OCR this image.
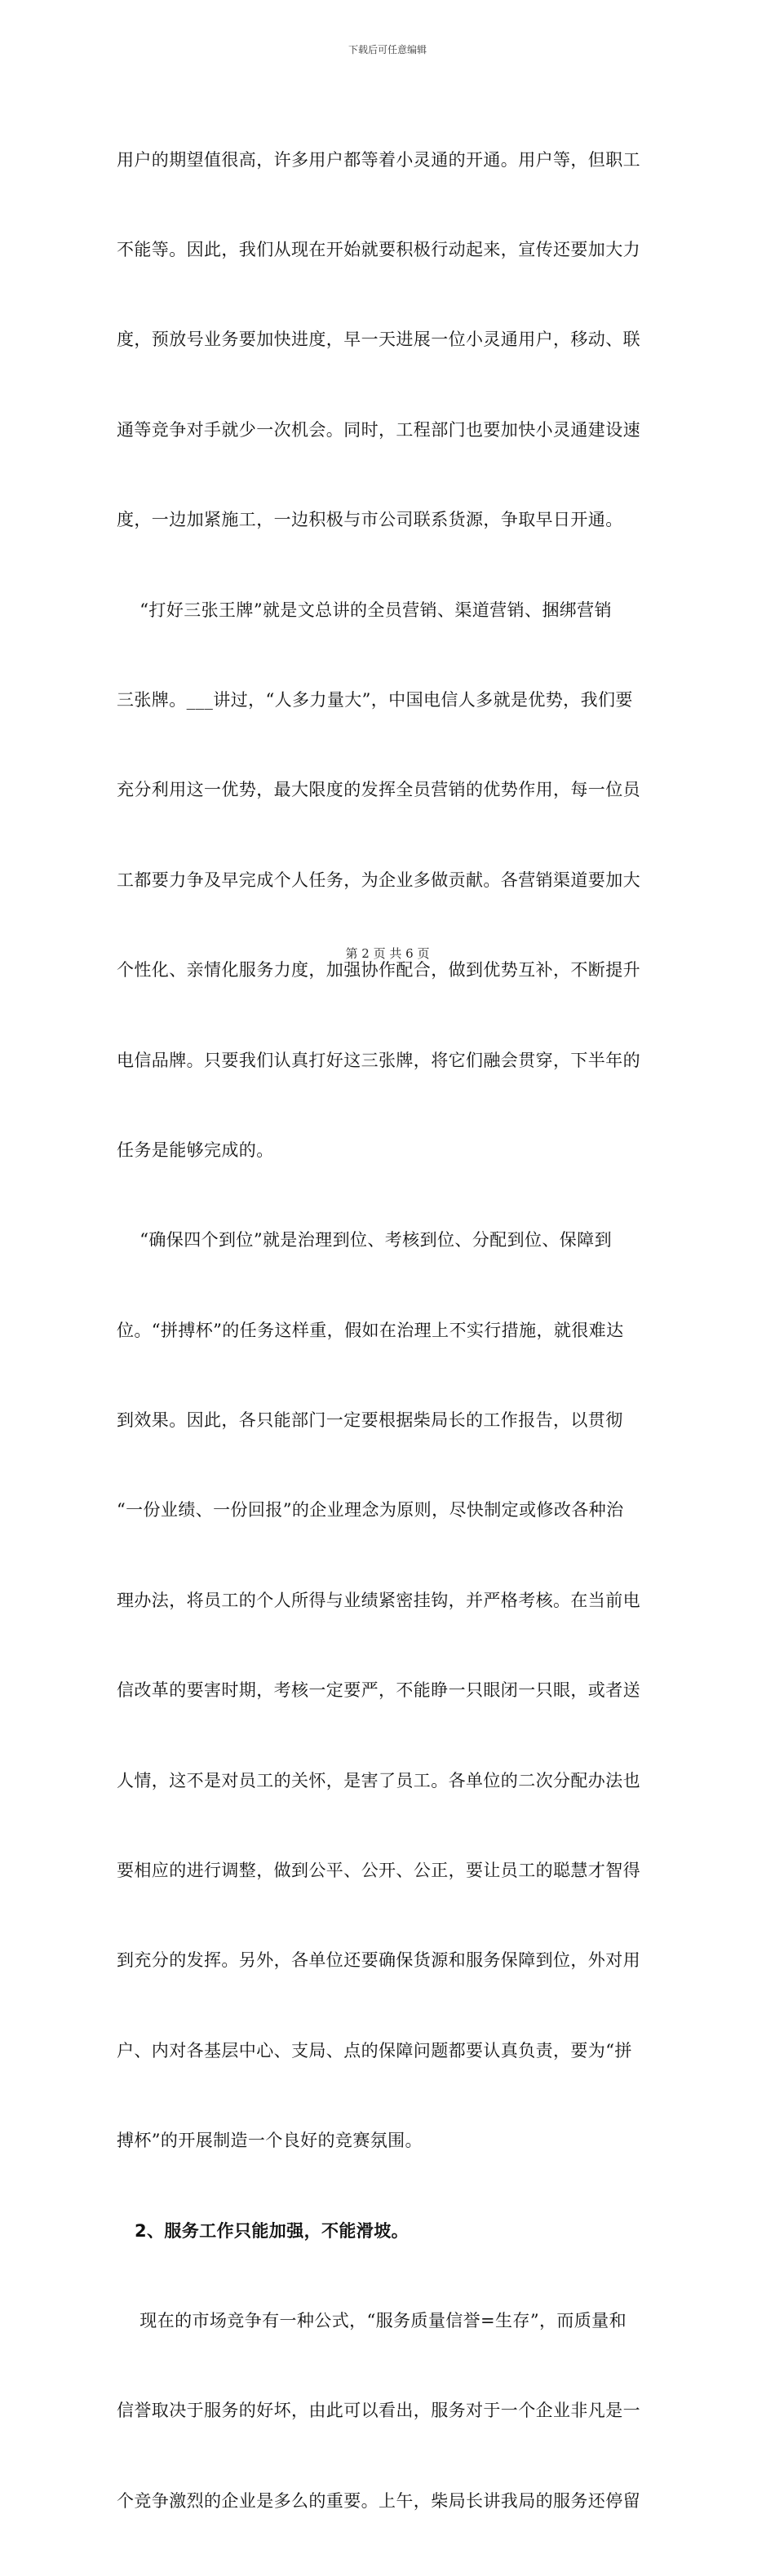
下载后可任意编辑

用户的期望值很高，许多用户都等着小灵通的开通。用户等，但职工

不能等。因此，我们从现在开始就要积极行动起来，宣传还要加大力

度，预放号业务要加快进度，早一天进展一位小灵通用户，移动、联

通等竞争对手就少一次机会。同时，工程部门也要加快小灵通建设速

度，一边加紧施工，一边积极与市公司联系货源，争取早日开通。

“打好三张王牌”就是文总讲的全员营销、渠道营销、捆绑营销

三张牌。___讲过，“人多力量大”，中国电信人多就是优势，我们要

充分利用这一优势，最大限度的发挥全员营销的优势作用，每一位员

工都要力争及早完成个人任务，为企业多做贡献。各营销渠道要加大

个性化、亲情化服务力度，加强协作配合，做到优势互补，不断提升

电信品牌。只要我们认真打好这三张牌，将它们融会贯穿，下半年的

任务是能够完成的。

“确保四个到位”就是治理到位、考核到位、分配到位、保障到

位。“拼搏杯”的任务这样重，假如在治理上不实行措施，就很难达

到效果。因此，各只能部门一定要根据柴局长的工作报告，以贯彻

“一份业绩、一份回报”的企业理念为原则，尽快制定或修改各种治

理办法，将员工的个人所得与业绩紧密挂钩，并严格考核。在当前电

信改革的要害时期，考核一定要严，不能睁一只眼闭一只眼，或者送

人情，这不是对员工的关怀，是害了员工。各单位的二次分配办法也

要相应的进行调整，做到公平、公开、公正，要让员工的聪慧才智得

到充分的发挥。另外，各单位还要确保货源和服务保障到位，外对用

户、内对各基层中心、支局、点的保障问题都要认真负责，要为“拼

搏杯”的开展制造一个良好的竞赛氛围。

2、服务工作只能加强，不能滑坡。

现在的市场竞争有一种公式，“服务质量信誉=生存”，而质量和

信誉取决于服务的好坏，由此可以看出，服务对于一个企业非凡是一

个竞争激烈的企业是多么的重要。上午，柴局长讲我局的服务还停留

第 2 页 共 6 页
